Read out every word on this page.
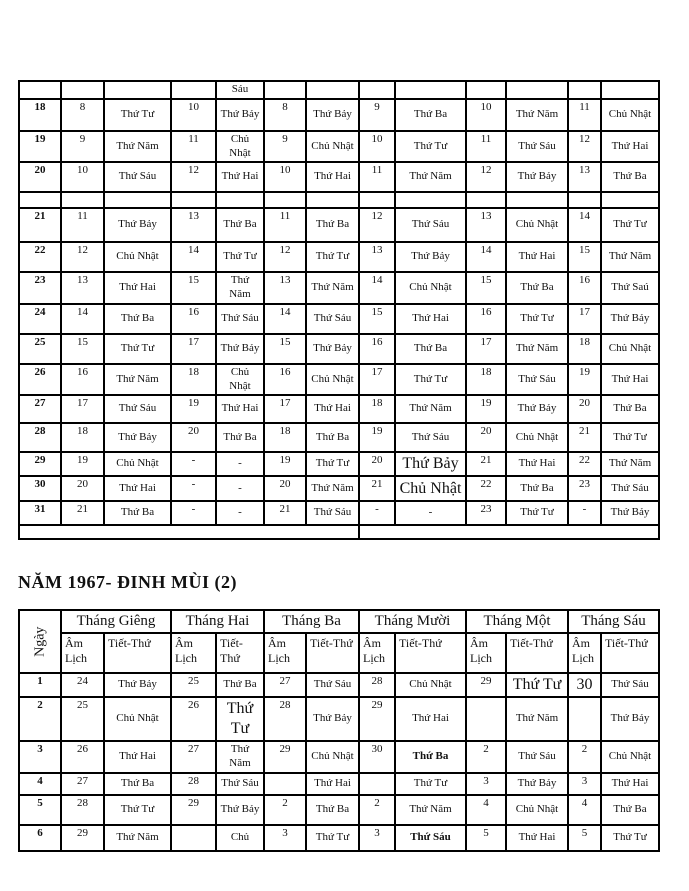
				Sáu								
18	8	Thứ Tư	10	Thứ Bảy	8	Thứ Bảy	9	Thứ Ba	10	Thứ Năm	11	Chủ Nhật
19	9	Thứ Năm	11	Chủ Nhật	9	Chủ Nhật	10	Thứ Tư	11	Thứ Sáu	12	Thứ Hai
20	10	Thứ Sáu	12	Thứ Hai	10	Thứ Hai	11	Thứ Năm	12	Thứ Bảy	13	Thứ Ba

21	11	Thứ Bảy	13	Thứ Ba	11	Thứ Ba	12	Thứ Sáu	13	Chủ Nhật	14	Thứ Tư
22	12	Chủ Nhật	14	Thứ Tư	12	Thứ Tư	13	Thứ Bảy	14	Thứ Hai	15	Thứ Năm
23	13	Thứ Hai	15	Thứ Năm	13	Thứ Năm	14	Chủ Nhật	15	Thứ Ba	16	Thứ Saú
24	14	Thứ Ba	16	Thứ Sáu	14	Thứ Sáu	15	Thứ Hai	16	Thứ Tư	17	Thứ Bảy
25	15	Thứ Tư	17	Thứ Bảy	15	Thứ Bảy	16	Thứ Ba	17	Thứ Năm	18	Chủ Nhật
26	16	Thứ Năm	18	Chủ Nhật	16	Chủ Nhật	17	Thứ Tư	18	Thứ Sáu	19	Thứ Hai
27	17	Thứ Sáu	19	Thứ Hai	17	Thứ Hai	18	Thứ Năm	19	Thứ Bảy	20	Thứ Ba
28	18	Thứ Bảy	20	Thứ Ba	18	Thứ Ba	19	Thứ Sáu	20	Chủ Nhật	21	Thứ Tư
29	19	Chủ Nhật	-	-	19	Thứ Tư	20	Thứ Bảy	21	Thứ Hai	22	Thứ Năm
30	20	Thứ Hai	-	-	20	Thứ Năm	21	Chủ Nhật	22	Thứ Ba	23	Thứ Sáu
31	21	Thứ Ba	-	-	21	Thứ Sáu	-	-	23	Thứ Tư	-	Thứ Bảy

NĂM 1967- ĐINH MÙI (2)
Ngày	Tháng Giêng		Tháng Hai		Tháng Ba		Tháng Mười		Tháng Một		Tháng Sáu	
	Âm Lịch	Tiết-Thứ	Âm Lịch	Tiết-Thứ	Âm Lịch	Tiết-Thứ	Âm Lịch	Tiết-Thứ	Âm Lịch	Tiết-Thứ	Âm Lịch	Tiết-Thứ
1	24	Thứ Bảy	25	Thứ Ba	27	Thứ Sáu	28	Chủ Nhật	29	Thứ Tư	30	Thứ Sáu
2	25	Chủ Nhật	26	Thứ Tư	28	Thứ Bảy	29	Thứ Hai		Thứ Năm		Thứ Bảy
3	26	Thứ Hai	27	Thứ Năm	29	Chủ Nhật	30	Thứ Ba	2	Thứ Sáu	2	Chủ Nhật
4	27	Thứ Ba	28	Thứ Sáu		Thứ Hai		Thứ Tư	3	Thứ Bảy	3	Thứ Hai
5	28	Thứ Tư	29	Thứ Bảy	2	Thứ Ba	2	Thứ Năm	4	Chủ Nhật	4	Thứ Ba
6	29	Thứ Năm		Chủ	3	Thứ Tư	3	Thứ Sáu	5	Thứ Hai	5	Thứ Tư
